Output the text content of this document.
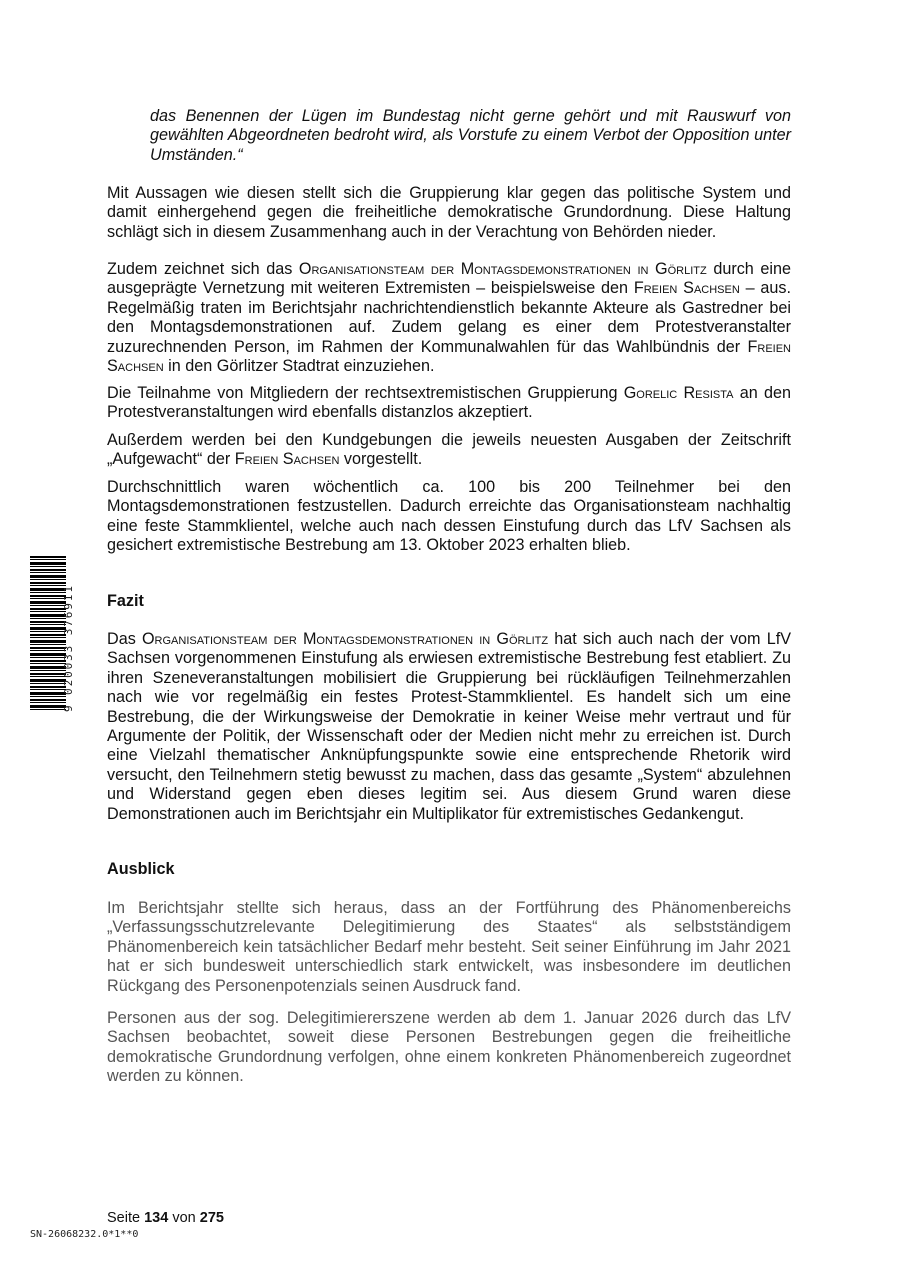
das Benennen der Lügen im Bundestag nicht gerne gehört und mit Rauswurf von gewählten Abgeordneten bedroht wird, als Vorstufe zu einem Verbot der Opposition unter Umständen.“

Mit Aussagen wie diesen stellt sich die Gruppierung klar gegen das politische System und damit einhergehend gegen die freiheitliche demokratische Grundordnung. Diese Haltung schlägt sich in diesem Zusammenhang auch in der Verachtung von Behörden nieder.

Zudem zeichnet sich das Organisationsteam der Montagsdemonstrationen in Görlitz durch eine ausgeprägte Vernetzung mit weiteren Extremisten – beispielsweise den Freien Sachsen – aus. Regelmäßig traten im Berichtsjahr nachrichtendienstlich bekannte Akteure als Gastredner bei den Montagsdemonstrationen auf. Zudem gelang es einer dem Protestveranstalter zuzurechnenden Person, im Rahmen der Kommunalwahlen für das Wahlbündnis der Freien Sachsen in den Görlitzer Stadtrat einzuziehen.

Die Teilnahme von Mitgliedern der rechtsextremistischen Gruppierung Gorelic Resista an den Protestveranstaltungen wird ebenfalls distanzlos akzeptiert.

Außerdem werden bei den Kundgebungen die jeweils neuesten Ausgaben der Zeitschrift „Aufgewacht“ der Freien Sachsen vorgestellt.

Durchschnittlich waren wöchentlich ca. 100 bis 200 Teilnehmer bei den Montagsdemonstrationen festzustellen. Dadurch erreichte das Organisationsteam nachhaltig eine feste Stammklientel, welche auch nach dessen Einstufung durch das LfV Sachsen als gesichert extremistische Bestrebung am 13. Oktober 2023 erhalten blieb.

Fazit

Das Organisationsteam der Montagsdemonstrationen in Görlitz hat sich auch nach der vom LfV Sachsen vorgenommenen Einstufung als erwiesen extremistische Bestrebung fest etabliert. Zu ihren Szeneveranstaltungen mobilisiert die Gruppierung bei rückläufigen Teilnehmerzahlen nach wie vor regelmäßig ein festes Protest-Stammklientel. Es handelt sich um eine Bestrebung, die der Wirkungsweise der Demokratie in keiner Weise mehr vertraut und für Argumente der Politik, der Wissenschaft oder der Medien nicht mehr zu erreichen ist. Durch eine Vielzahl thematischer Anknüpfungspunkte sowie eine entsprechende Rhetorik wird versucht, den Teilnehmern stetig bewusst zu machen, dass das gesamte „System“ abzulehnen und Widerstand gegen eben dieses legitim sei. Aus diesem Grund waren diese Demonstrationen auch im Berichtsjahr ein Multiplikator für extremistisches Gedankengut.

Ausblick

Im Berichtsjahr stellte sich heraus, dass an der Fortführung des Phänomenbereichs „Verfassungsschutzrelevante Delegitimierung des Staates“ als selbstständigem Phänomenbereich kein tatsächlicher Bedarf mehr besteht. Seit seiner Einführung im Jahr 2021 hat er sich bundesweit unterschiedlich stark entwickelt, was insbesondere im deutlichen Rückgang des Personenpotenzials seinen Ausdruck fand.

Personen aus der sog. Delegitimiererszene werden ab dem 1. Januar 2026 durch das LfV Sachsen beobachtet, soweit diese Personen Bestrebungen gegen die freiheitliche demokratische Grundordnung verfolgen, ohne einem konkreten Phänomenbereich zugeordnet werden zu können.

9 020033 376911
Seite 134 von 275
SN-26068232.0*1**0
